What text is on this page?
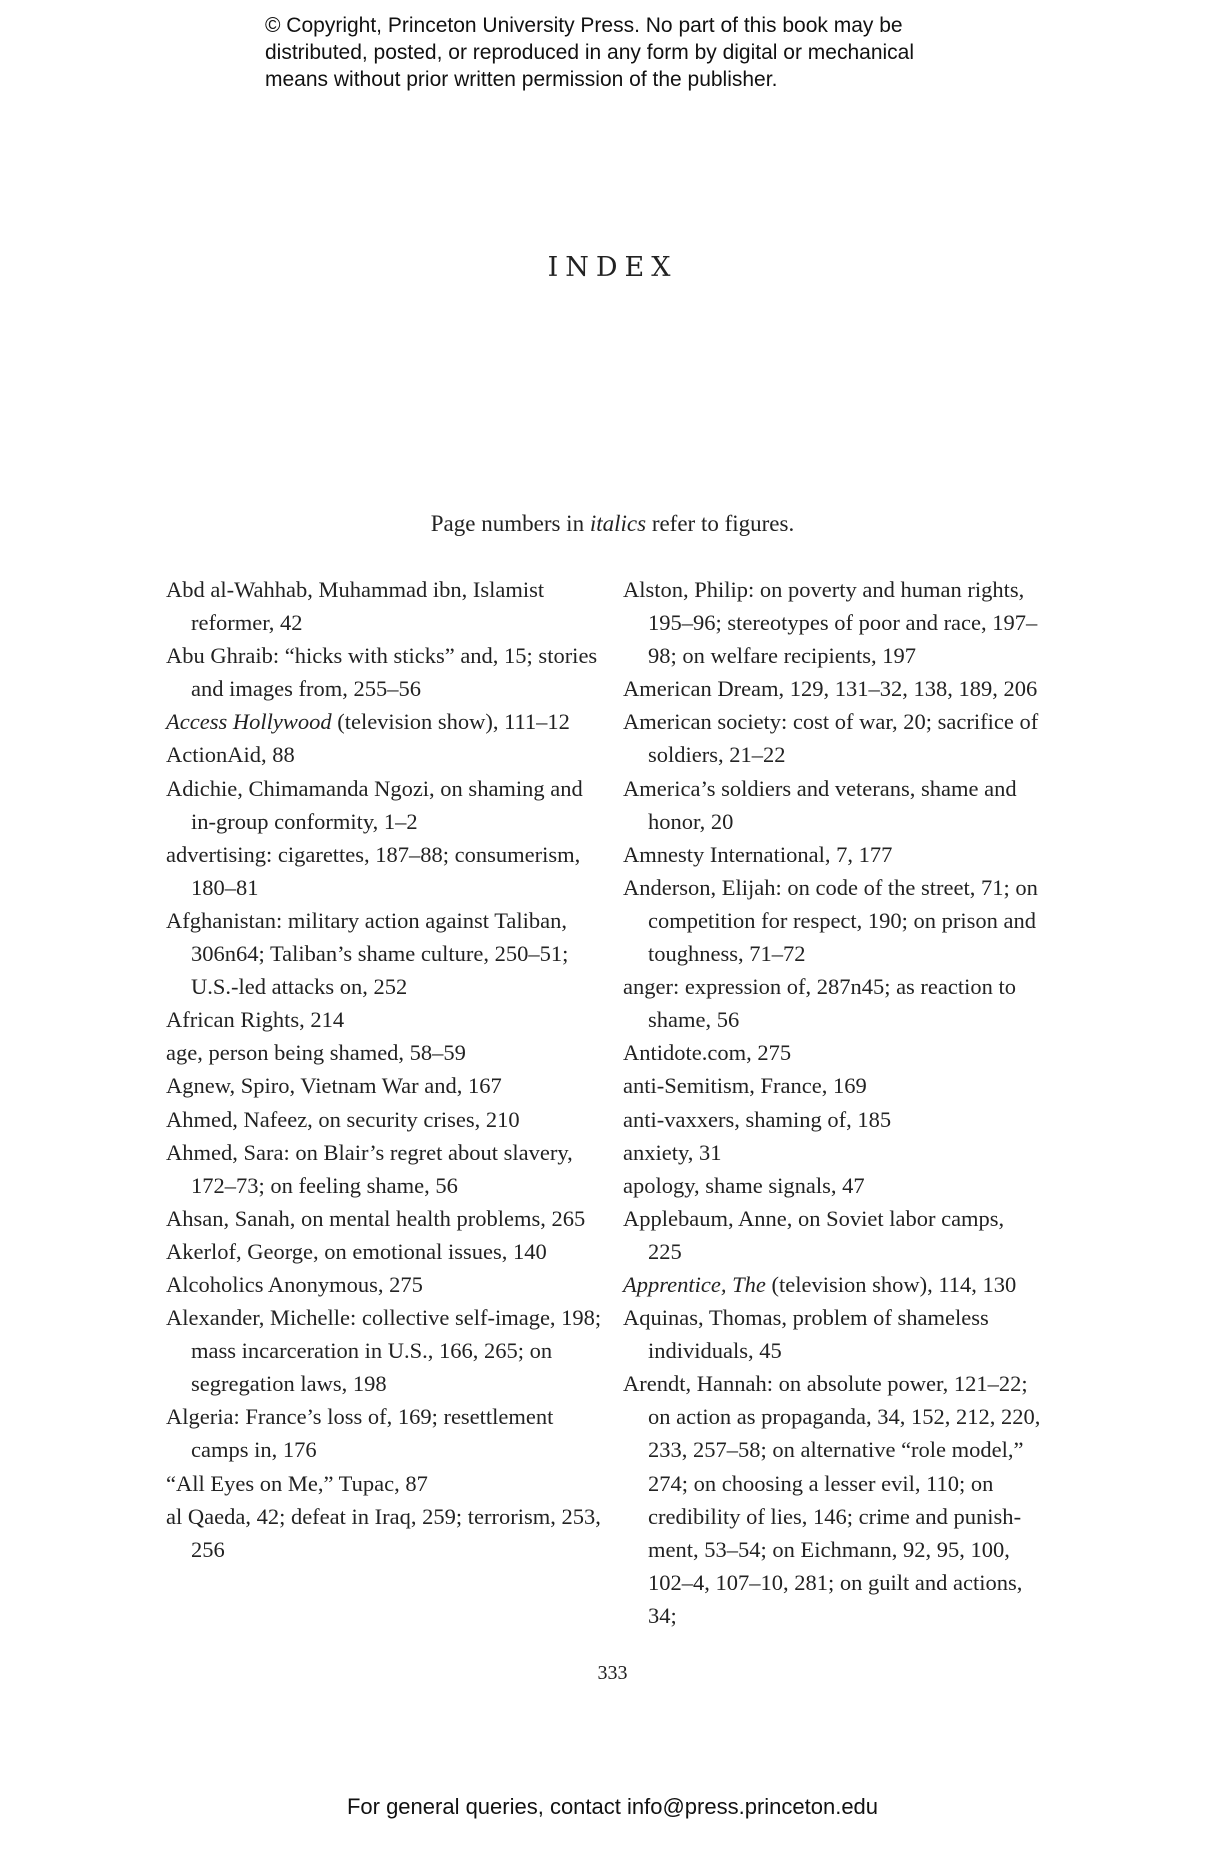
© Copyright, Princeton University Press. No part of this book may be
distributed, posted, or reproduced in any form by digital or mechanical
means without prior written permission of the publisher.
INDEX
Page numbers in italics refer to figures.

Abd al-Wahhab, Muhammad ibn, Islamist reformer, 42

Abu Ghraib: “hicks with sticks” and, 15; stories and images from, 255–56

Access Hollywood (television show), 111–12

ActionAid, 88

Adichie, Chimamanda Ngozi, on shaming and in-group conformity, 1–2

advertising: cigarettes, 187–88; consumerism, 180–81

Afghanistan: military action against Taliban, 306n64; Taliban’s shame culture, 250–51; U.S.-led attacks on, 252

African Rights, 214

age, person being shamed, 58–59

Agnew, Spiro, Vietnam War and, 167

Ahmed, Nafeez, on security crises, 210

Ahmed, Sara: on Blair’s regret about slavery, 172–73; on feeling shame, 56

Ahsan, Sanah, on mental health problems, 265

Akerlof, George, on emotional issues, 140

Alcoholics Anonymous, 275

Alexander, Michelle: collective self-image, 198; mass incarceration in U.S., 166, 265; on segregation laws, 198

Algeria: France’s loss of, 169; resettlement camps in, 176

“All Eyes on Me,” Tupac, 87

al Qaeda, 42; defeat in Iraq, 259; terrorism, 253, 256

Alston, Philip: on poverty and human rights, 195–96; stereotypes of poor and race, 197–98; on welfare recipients, 197

American Dream, 129, 131–32, 138, 189, 206

American society: cost of war, 20; sacrifice of soldiers, 21–22

America’s soldiers and veterans, shame and honor, 20

Amnesty International, 7, 177

Anderson, Elijah: on code of the street, 71; on competition for respect, 190; on prison and toughness, 71–72

anger: expression of, 287n45; as reaction to shame, 56

Antidote.com, 275

anti-Semitism, France, 169

anti-vaxxers, shaming of, 185

anxiety, 31

apology, shame signals, 47

Applebaum, Anne, on Soviet labor camps, 225

Apprentice, The (television show), 114, 130

Aquinas, Thomas, problem of shameless individuals, 45

Arendt, Hannah: on absolute power, 121–22; on action as propaganda, 34, 152, 212, 220, 233, 257–58; on alternative “role model,” 274; on choosing a lesser evil, 110; on credibility of lies, 146; crime and punishment, 53–54; on Eichmann, 92, 95, 100, 102–4, 107–10, 281; on guilt and actions, 34;

333
For general queries, contact info@press.princeton.edu
